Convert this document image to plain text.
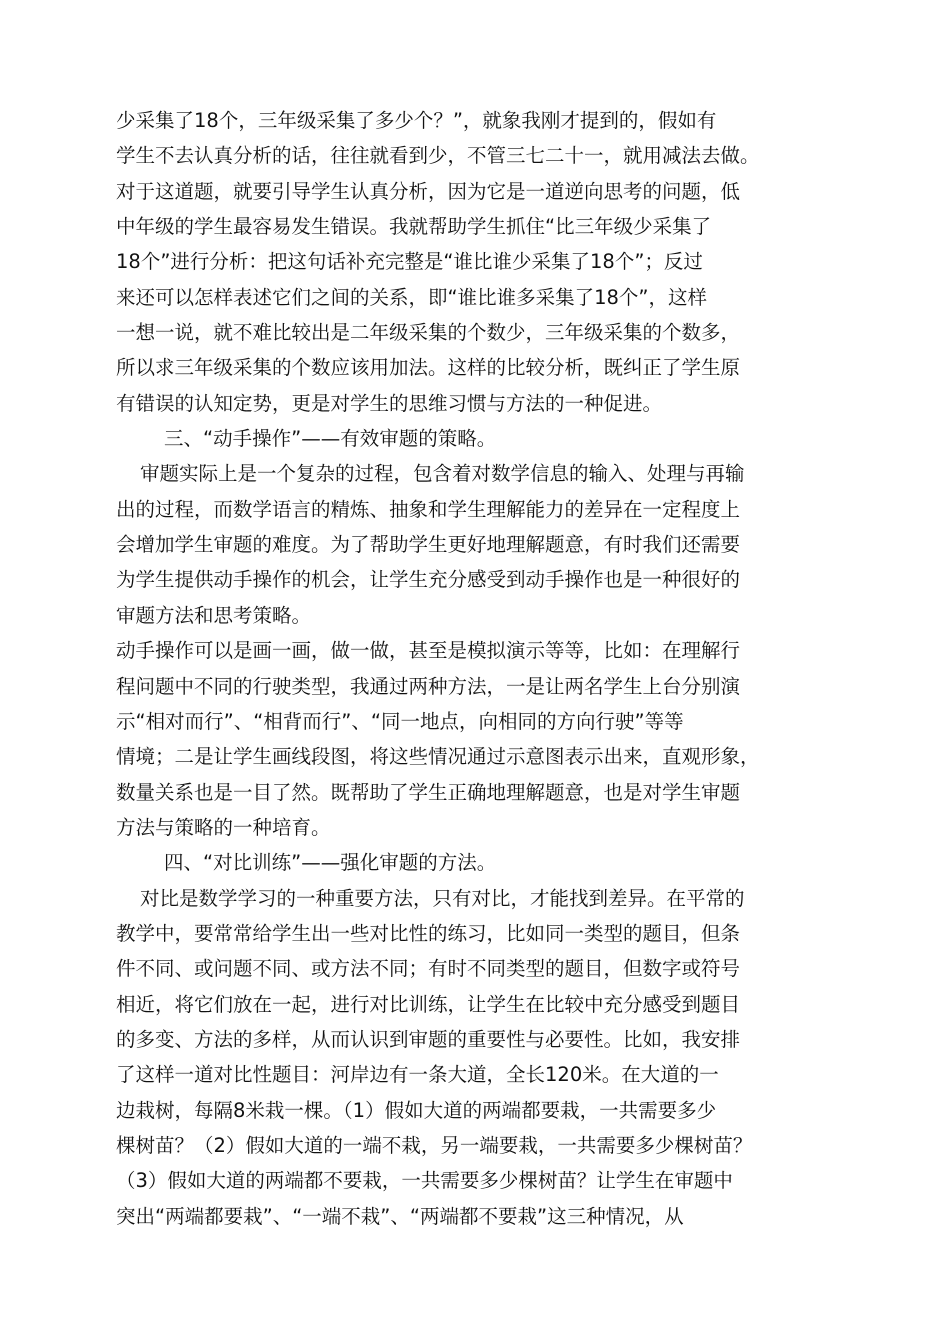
少采集了18个，三年级采集了多少个？”，就象我刚才提到的，假如有
学生不去认真分析的话，往往就看到少，不管三七二十一，就用减法去做。
对于这道题，就要引导学生认真分析，因为它是一道逆向思考的问题，低
中年级的学生最容易发生错误。我就帮助学生抓住“比三年级少采集了
18个”进行分析：把这句话补充完整是“谁比谁少采集了18个”；反过
来还可以怎样表述它们之间的关系，即“谁比谁多采集了18个”，这样
一想一说，就不难比较出是二年级采集的个数少，三年级采集的个数多，
所以求三年级采集的个数应该用加法。这样的比较分析，既纠正了学生原
有错误的认知定势，更是对学生的思维习惯与方法的一种促进。
三、“动手操作”——有效审题的策略。
审题实际上是一个复杂的过程，包含着对数学信息的输入、处理与再输
出的过程，而数学语言的精炼、抽象和学生理解能力的差异在一定程度上
会增加学生审题的难度。为了帮助学生更好地理解题意，有时我们还需要
为学生提供动手操作的机会，让学生充分感受到动手操作也是一种很好的
审题方法和思考策略。
动手操作可以是画一画，做一做，甚至是模拟演示等等，比如：在理解行
程问题中不同的行驶类型，我通过两种方法，一是让两名学生上台分别演
示“相对而行”、“相背而行”、“同一地点，向相同的方向行驶”等等
情境；二是让学生画线段图，将这些情况通过示意图表示出来，直观形象，
数量关系也是一目了然。既帮助了学生正确地理解题意，也是对学生审题
方法与策略的一种培育。
四、“对比训练”——强化审题的方法。
对比是数学学习的一种重要方法，只有对比，才能找到差异。在平常的
教学中，要常常给学生出一些对比性的练习，比如同一类型的题目，但条
件不同、或问题不同、或方法不同；有时不同类型的题目，但数字或符号
相近，将它们放在一起，进行对比训练，让学生在比较中充分感受到题目
的多变、方法的多样，从而认识到审题的重要性与必要性。比如，我安排
了这样一道对比性题目：河岸边有一条大道，全长120米。在大道的一
边栽树，每隔8米栽一棵。（1）假如大道的两端都要栽，一共需要多少
棵树苗？（2）假如大道的一端不栽，另一端要栽，一共需要多少棵树苗？
（3）假如大道的两端都不要栽，一共需要多少棵树苗？让学生在审题中
突出“两端都要栽”、“一端不栽”、“两端都不要栽”这三种情况，从
